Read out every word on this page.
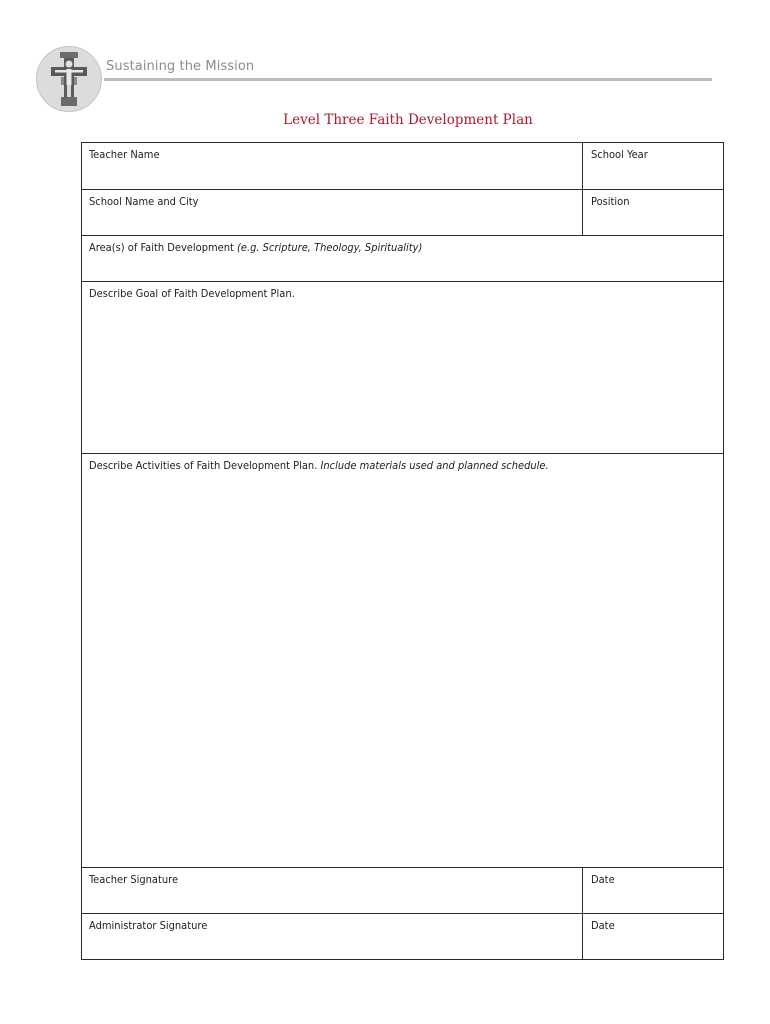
Sustaining the Mission
Level Three Faith Development Plan
Teacher Name	School Year
School Name and City	Position
Area(s) of Faith Development (e.g. Scripture, Theology, Spirituality)
Describe Goal of Faith Development Plan.
Describe Activities of Faith Development Plan. Include materials used and planned schedule.
Teacher Signature	Date
Administrator Signature	Date
